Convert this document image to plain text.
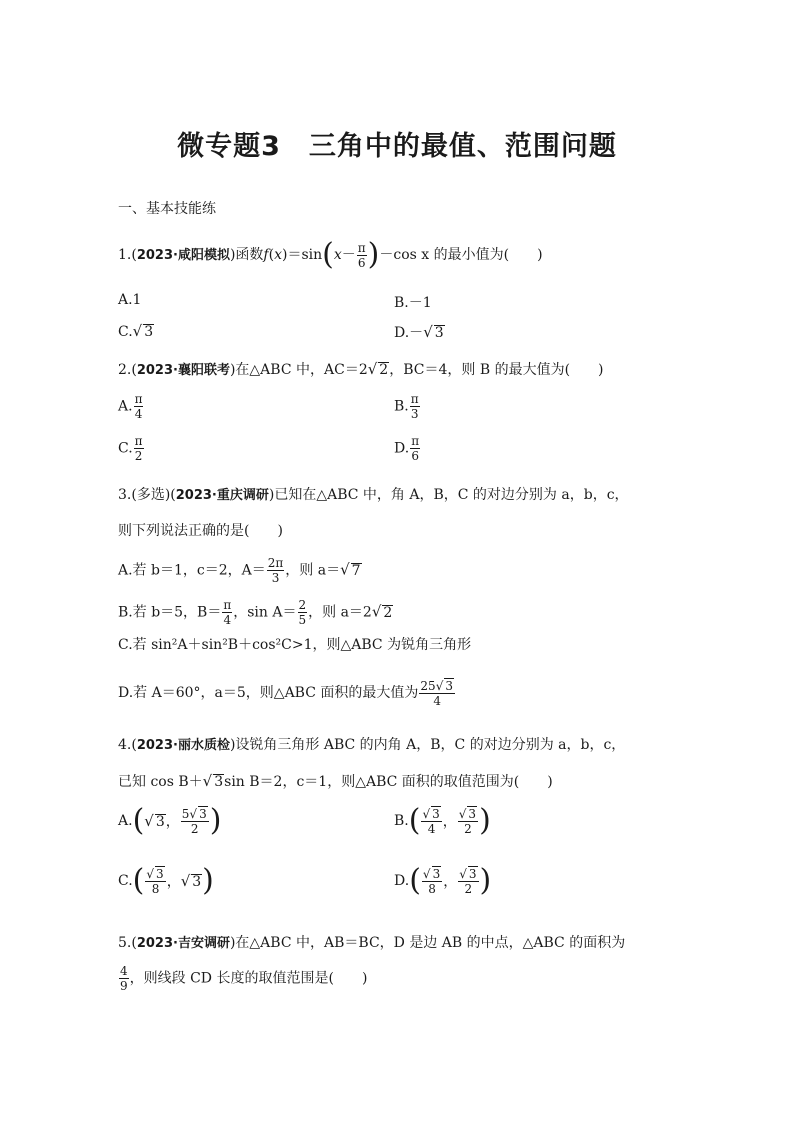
微专题3　三角中的最值、范围问题
一、基本技能练
1.(2023·咸阳模拟)函数$f(x)=\sin(x- \frac{\pi}{6} )-\cos$ x 的最小值为(　　)
A.1	B.－1
C.√ 3	D.－√ 3
2.(2023·襄阳联考)在△ABC 中，AC＝2√ 2，BC＝4，则 B 的最大值为(　　)
A. $\frac{\pi}{4}$	B. $\frac{\pi}{3}$
C. $\frac{\pi}{2}$	D. $\frac{\pi}{6}$
3.(多选)(2023·重庆调研)已知在△ABC 中，角 A，B，C 的对边分别为 a，b，c，
则下列说法正确的是(　　)
A.若 b＝1，c＝2，$A= \frac{2\pi}{3}$ ，则 a＝√ 7
B.若 b＝5，$B= \frac{\pi}{4}$ ，$\sin A= \frac{2}{5}$ ，则 a＝2√ 2
C.若 sin²A＋sin²B＋cos²C>1，则△ABC 为锐角三角形
D.若 A＝60°，a＝5，则△ABC 面积的最大值为 $\frac{25√ 3}{4}$
4.(2023·丽水质检)设锐角三角形 ABC 的内角 A，B，C 的对边分别为 a，b，c，
已知 cos B＋√ 3sin B＝2，c＝1，则△ABC 面积的取值范围为(　　)
A. ( √ 3 ， $\frac{5√ 3}{2}$ )	B. ( $\frac{√ 3}{4}$ ， $\frac{√ 3}{2}$ )
C. ( $\frac{√ 3}{8}$ ， √ 3 )	D. ( $\frac{√ 3}{8}$ ， $\frac{√ 3}{2}$ )
5.(2023·吉安调研)在△ABC 中，AB＝BC，D 是边 AB 的中点，△ABC 的面积为
$\frac{4}{9}$ ，则线段 CD 长度的取值范围是(　　)
